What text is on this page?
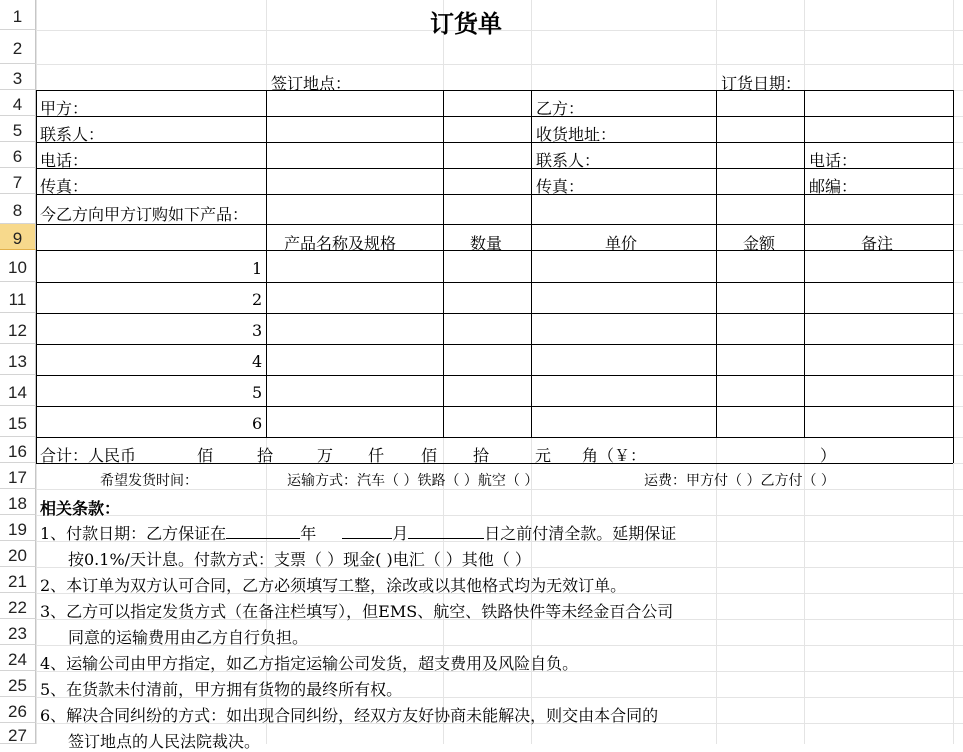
1
2
3
4
5
6
7
8
9
10
11
12
13
14
15
16
17
18
19
20
21
22
23
24
25
26
27
订货单
签订地点：	订货日期：
甲方：	乙方：
联系人：	收货地址：
电话：	联系人：	电话：
传真：	传真：	邮编：
今乙方向甲方订购如下产品：
产品名称及规格	数量	单价	金额	备注
1
2
3
4
5
6
合计：人民币	佰	拾	万 仟 佰 拾	元 角（￥：	）
希望发货时间：	运输方式：汽车（ ）铁路（ ）航空（ ）	运费：甲方付（ ）乙方付（ ）
相关条款：
1、付款日期：乙方保证在	年	月	日之前付清全款。延期保证
按0.1%/天计息。付款方式：支票（ ）现金( )电汇（ ）其他（ ）
2、本订单为双方认可合同，乙方必须填写工整，涂改或以其他格式均为无效订单。
3、乙方可以指定发货方式（在备注栏填写），但EMS、航空、铁路快件等未经金百合公司
同意的运输费用由乙方自行负担。
4、运输公司由甲方指定，如乙方指定运输公司发货，超支费用及风险自负。
5、在货款未付清前，甲方拥有货物的最终所有权。
6、解决合同纠纷的方式：如出现合同纠纷，经双方友好协商未能解决，则交由本合同的
签订地点的人民法院裁决。
